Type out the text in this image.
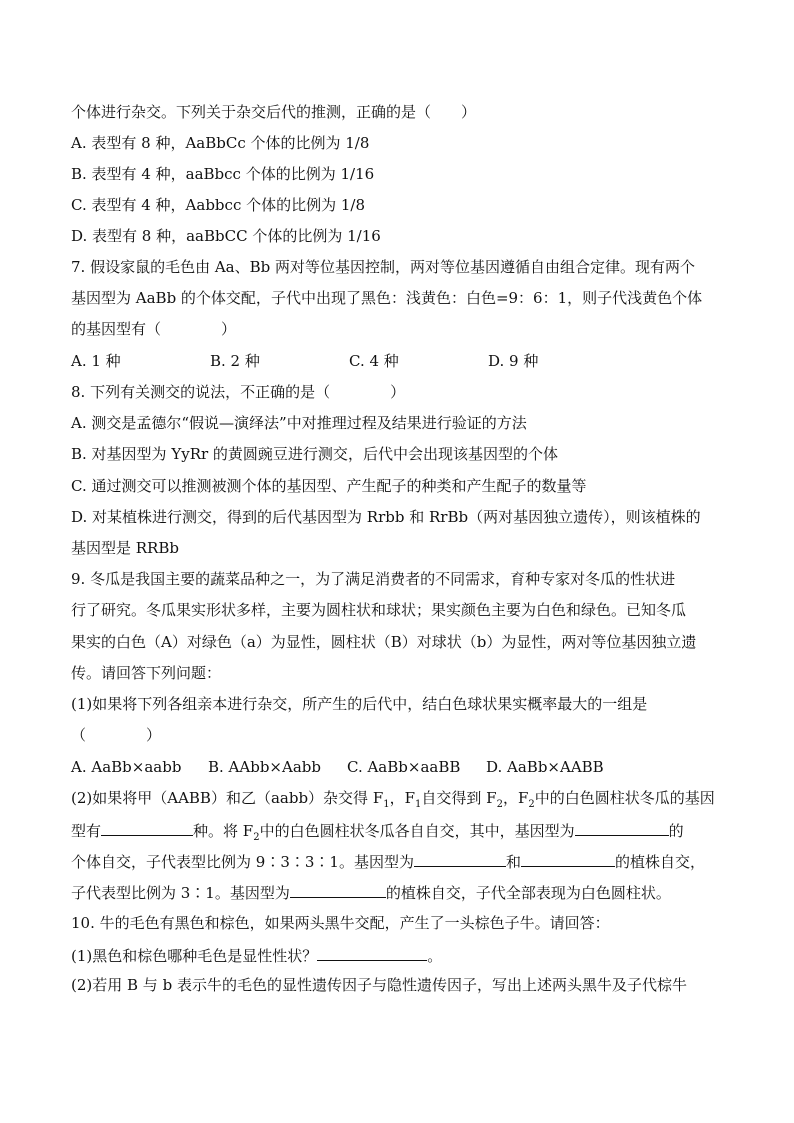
个体进行杂交。下列关于杂交后代的推测，正确的是（　　）
A. 表型有 8 种，AaBbCc 个体的比例为 1/8
B. 表型有 4 种，aaBbcc 个体的比例为 1/16
C. 表型有 4 种，Aabbcc 个体的比例为 1/8
D. 表型有 8 种，aaBbCC 个体的比例为 1/16
7. 假设家鼠的毛色由 Aa、Bb 两对等位基因控制，两对等位基因遵循自由组合定律。现有两个
基因型为 AaBb 的个体交配，子代中出现了黑色：浅黄色：白色=9：6：1，则子代浅黄色个体
的基因型有（　　　　）
A. 1 种	B. 2 种	C. 4 种	D. 9 种
8. 下列有关测交的说法，不正确的是（　　　　）
A. 测交是孟德尔“假说—演绎法”中对推理过程及结果进行验证的方法
B. 对基因型为 YyRr 的黄圆豌豆进行测交，后代中会出现该基因型的个体
C. 通过测交可以推测被测个体的基因型、产生配子的种类和产生配子的数量等
D. 对某植株进行测交，得到的后代基因型为 Rrbb 和 RrBb（两对基因独立遗传），则该植株的
基因型是 RRBb
9. 冬瓜是我国主要的蔬菜品种之一，为了满足消费者的不同需求，育种专家对冬瓜的性状进
行了研究。冬瓜果实形状多样，主要为圆柱状和球状；果实颜色主要为白色和绿色。已知冬瓜
果实的白色（A）对绿色（a）为显性，圆柱状（B）对球状（b）为显性，两对等位基因独立遗
传。请回答下列问题：
(1)如果将下列各组亲本进行杂交，所产生的后代中，结白色球状果实概率最大的一组是
（　　　　）
A. AaBb×aabb B. AAbb×Aabb C. AaBb×aaBB D. AaBb×AABB
(2)如果将甲（AABB）和乙（aabb）杂交得 $F_1$，$F_1$自交得到 $F_2$，$F_2$中的白色圆柱状冬瓜的基因
型有	种。将 $F_2$中的白色圆柱状冬瓜各自自交，其中，基因型为	的
个体自交，子代表型比例为 9∶3∶3∶1。基因型为	和	的植株自交，
子代表型比例为 3∶1。基因型为	的植株自交，子代全部表现为白色圆柱状。
10. 牛的毛色有黑色和棕色，如果两头黑牛交配，产生了一头棕色子牛。请回答：
(1)黑色和棕色哪种毛色是显性性状？	。
(2)若用 B 与 b 表示牛的毛色的显性遗传因子与隐性遗传因子，写出上述两头黑牛及子代棕牛
